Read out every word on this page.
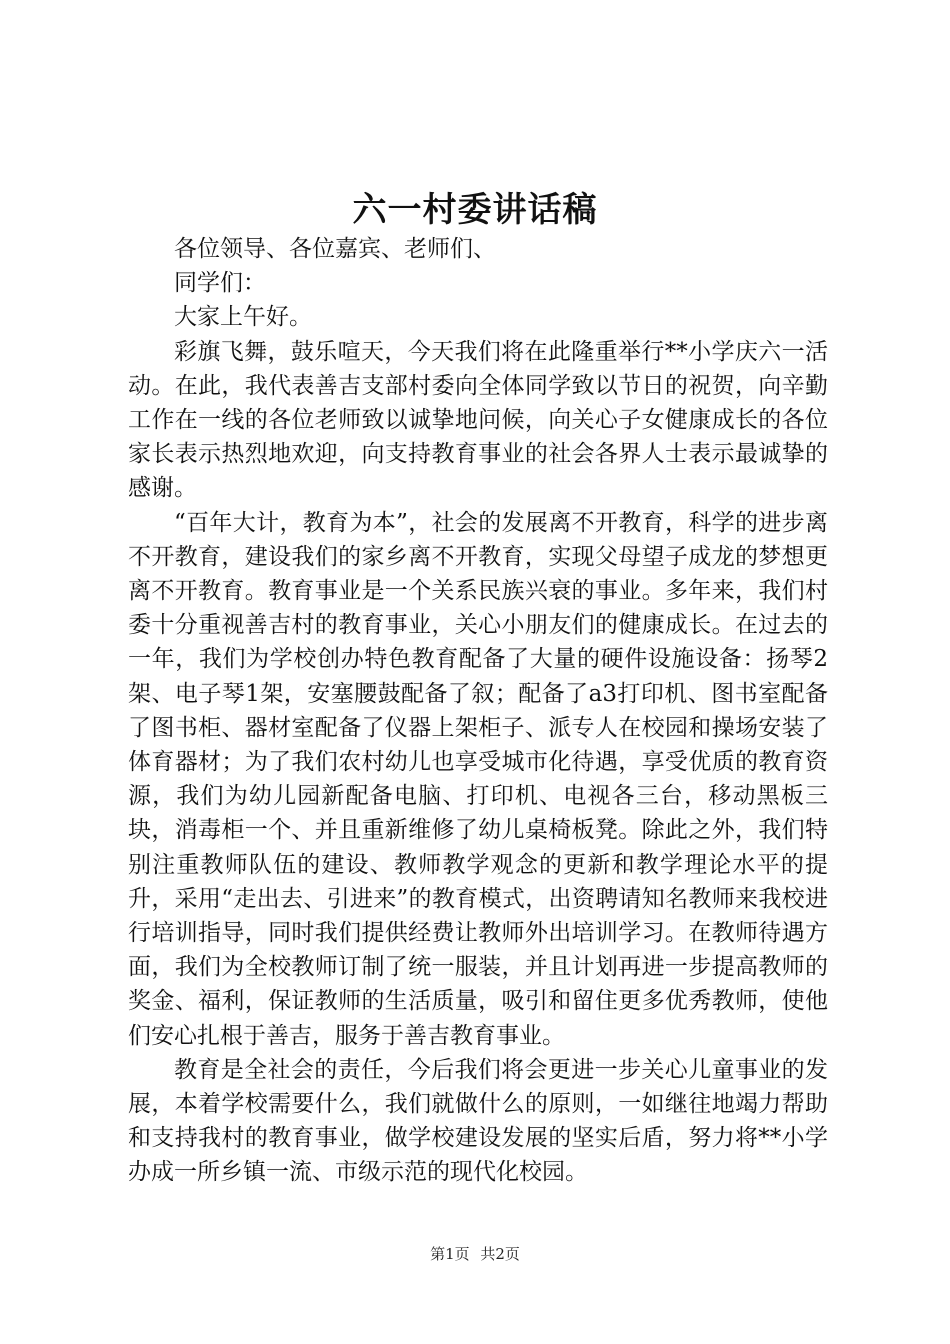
六一村委讲话稿

各位领导、各位嘉宾、老师们、

同学们：

大家上午好。

彩旗飞舞，鼓乐喧天，今天我们将在此隆重举行**小学庆六一活动。在此，我代表善吉支部村委向全体同学致以节日的祝贺，向辛勤工作在一线的各位老师致以诚挚地问候，向关心子女健康成长的各位家长表示热烈地欢迎，向支持教育事业的社会各界人士表示最诚挚的感谢。

“百年大计，教育为本”，社会的发展离不开教育，科学的进步离不开教育，建设我们的家乡离不开教育，实现父母望子成龙的梦想更离不开教育。教育事业是一个关系民族兴衰的事业。多年来，我们村委十分重视善吉村的教育事业，关心小朋友们的健康成长。在过去的一年，我们为学校创办特色教育配备了大量的硬件设施设备：扬琴2架、电子琴1架，安塞腰鼓配备了叙；配备了a3打印机、图书室配备了图书柜、器材室配备了仪器上架柜子、派专人在校园和操场安装了体育器材；为了我们农村幼儿也享受城市化待遇，享受优质的教育资源，我们为幼儿园新配备电脑、打印机、电视各三台，移动黑板三块，消毒柜一个、并且重新维修了幼儿桌椅板凳。除此之外，我们特别注重教师队伍的建设、教师教学观念的更新和教学理论水平的提升，采用“走出去、引进来”的教育模式，出资聘请知名教师来我校进行培训指导，同时我们提供经费让教师外出培训学习。在教师待遇方面，我们为全校教师订制了统一服装，并且计划再进一步提高教师的奖金、福利，保证教师的生活质量，吸引和留住更多优秀教师，使他们安心扎根于善吉，服务于善吉教育事业。

教育是全社会的责任，今后我们将会更进一步关心儿童事业的发展，本着学校需要什么，我们就做什么的原则，一如继往地竭力帮助和支持我村的教育事业，做学校建设发展的坚实后盾，努力将**小学办成一所乡镇一流、市级示范的现代化校园。

第1页 共2页
